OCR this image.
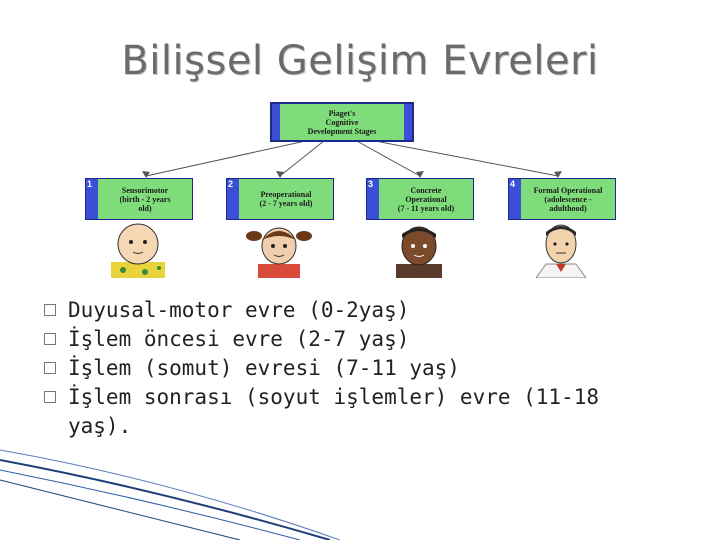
Bilişsel Gelişim Evreleri
Piaget's
Cognitive
Development Stages
1
Sensorimotor
(birth - 2 years
old)
2
Preoperational
(2 - 7 years old)
3
Concrete
Operational
(7 - 11 years old)
4
Formal Operational
(adolescence -
adulthood)
Duyusal-motor evre (0-2yaş)
İşlem öncesi evre (2-7 yaş)
İşlem (somut) evresi (7-11 yaş)
İşlem sonrası (soyut işlemler) evre (11-18
yaş).
